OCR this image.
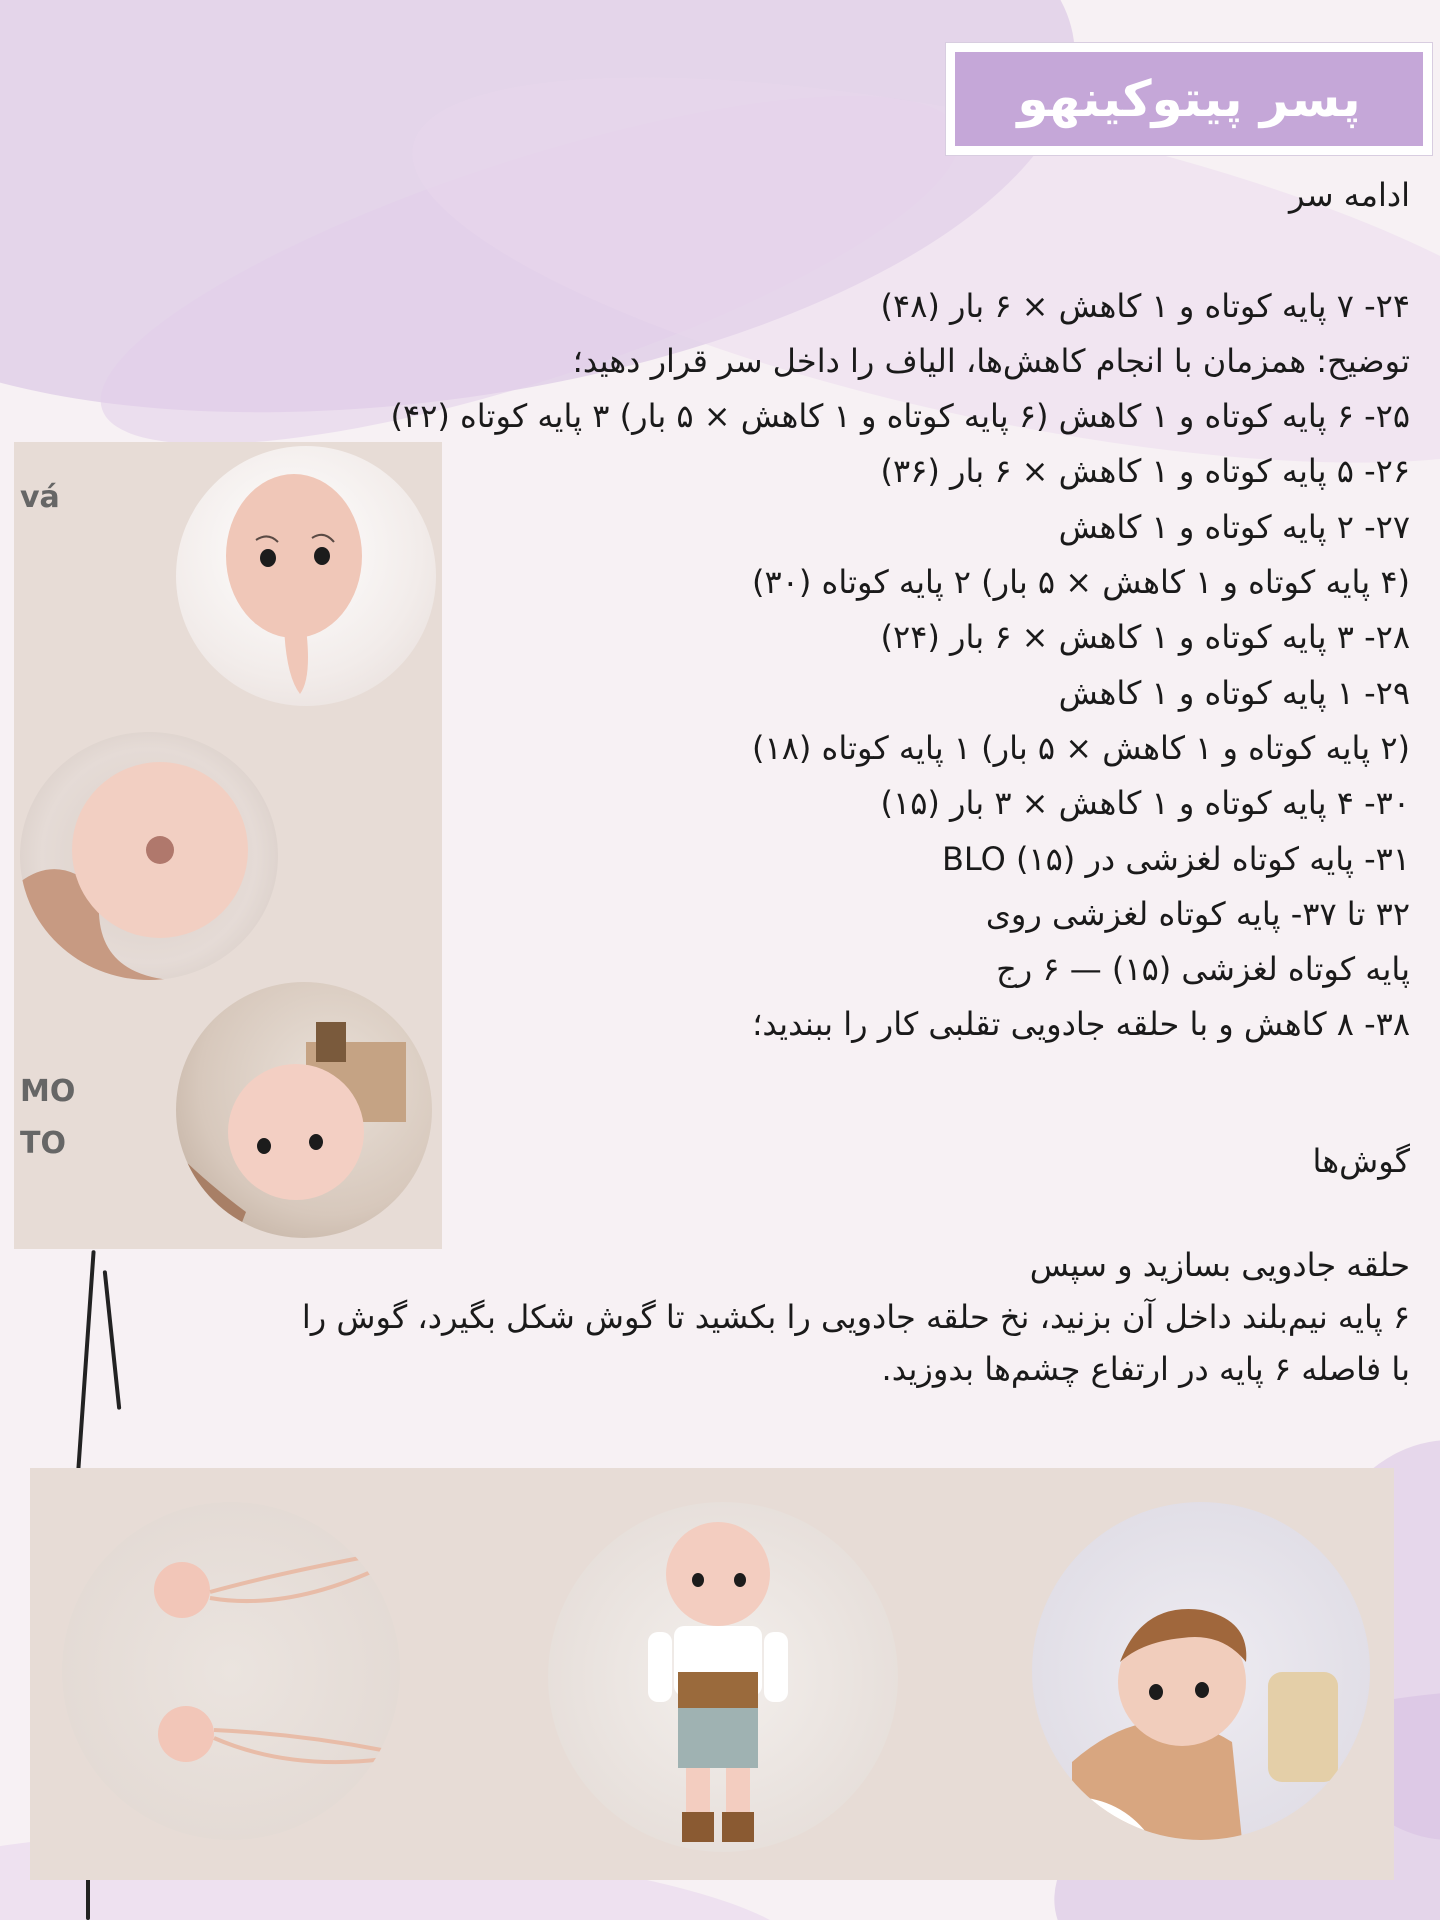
پسر پیتوکینهو
ادامه سر
۲۴- ۷ پایه کوتاه و ۱ کاهش × ۶ بار (۴۸)
توضیح: همزمان با انجام کاهش‌ها، الیاف را داخل سر قرار دهید؛
۲۵- ۶ پایه کوتاه و ۱ کاهش (۶ پایه کوتاه و ۱ کاهش × ۵ بار) ۳ پایه کوتاه (۴۲)
۲۶- ۵ پایه کوتاه و ۱ کاهش × ۶ بار (۳۶)
۲۷- ۲ پایه کوتاه و ۱ کاهش
(۴ پایه کوتاه و ۱ کاهش × ۵ بار) ۲ پایه کوتاه (۳۰)
۲۸- ۳ پایه کوتاه و ۱ کاهش × ۶ بار (۲۴)
۲۹- ۱ پایه کوتاه و ۱ کاهش
(۲ پایه کوتاه و ۱ کاهش × ۵ بار) ۱ پایه کوتاه (۱۸)
۳۰- ۴ پایه کوتاه و ۱ کاهش × ۳ بار (۱۵)
۳۱- پایه کوتاه لغزشی در BLO (۱۵)
۳۲ تا ۳۷- پایه کوتاه لغزشی روی
پایه کوتاه لغزشی (۱۵) — ۶ رج
۳۸- ۸ کاهش و با حلقه جادویی تقلبی کار را ببندید؛
گوش‌ها
حلقه جادویی بسازید و سپس
۶ پایه نیم‌بلند داخل آن بزنید، نخ حلقه جادویی را بکشید تا گوش شکل بگیرد، گوش را
با فاصله ۶ پایه در ارتفاع چشم‌ها بدوزید.
vá
MO
TO
